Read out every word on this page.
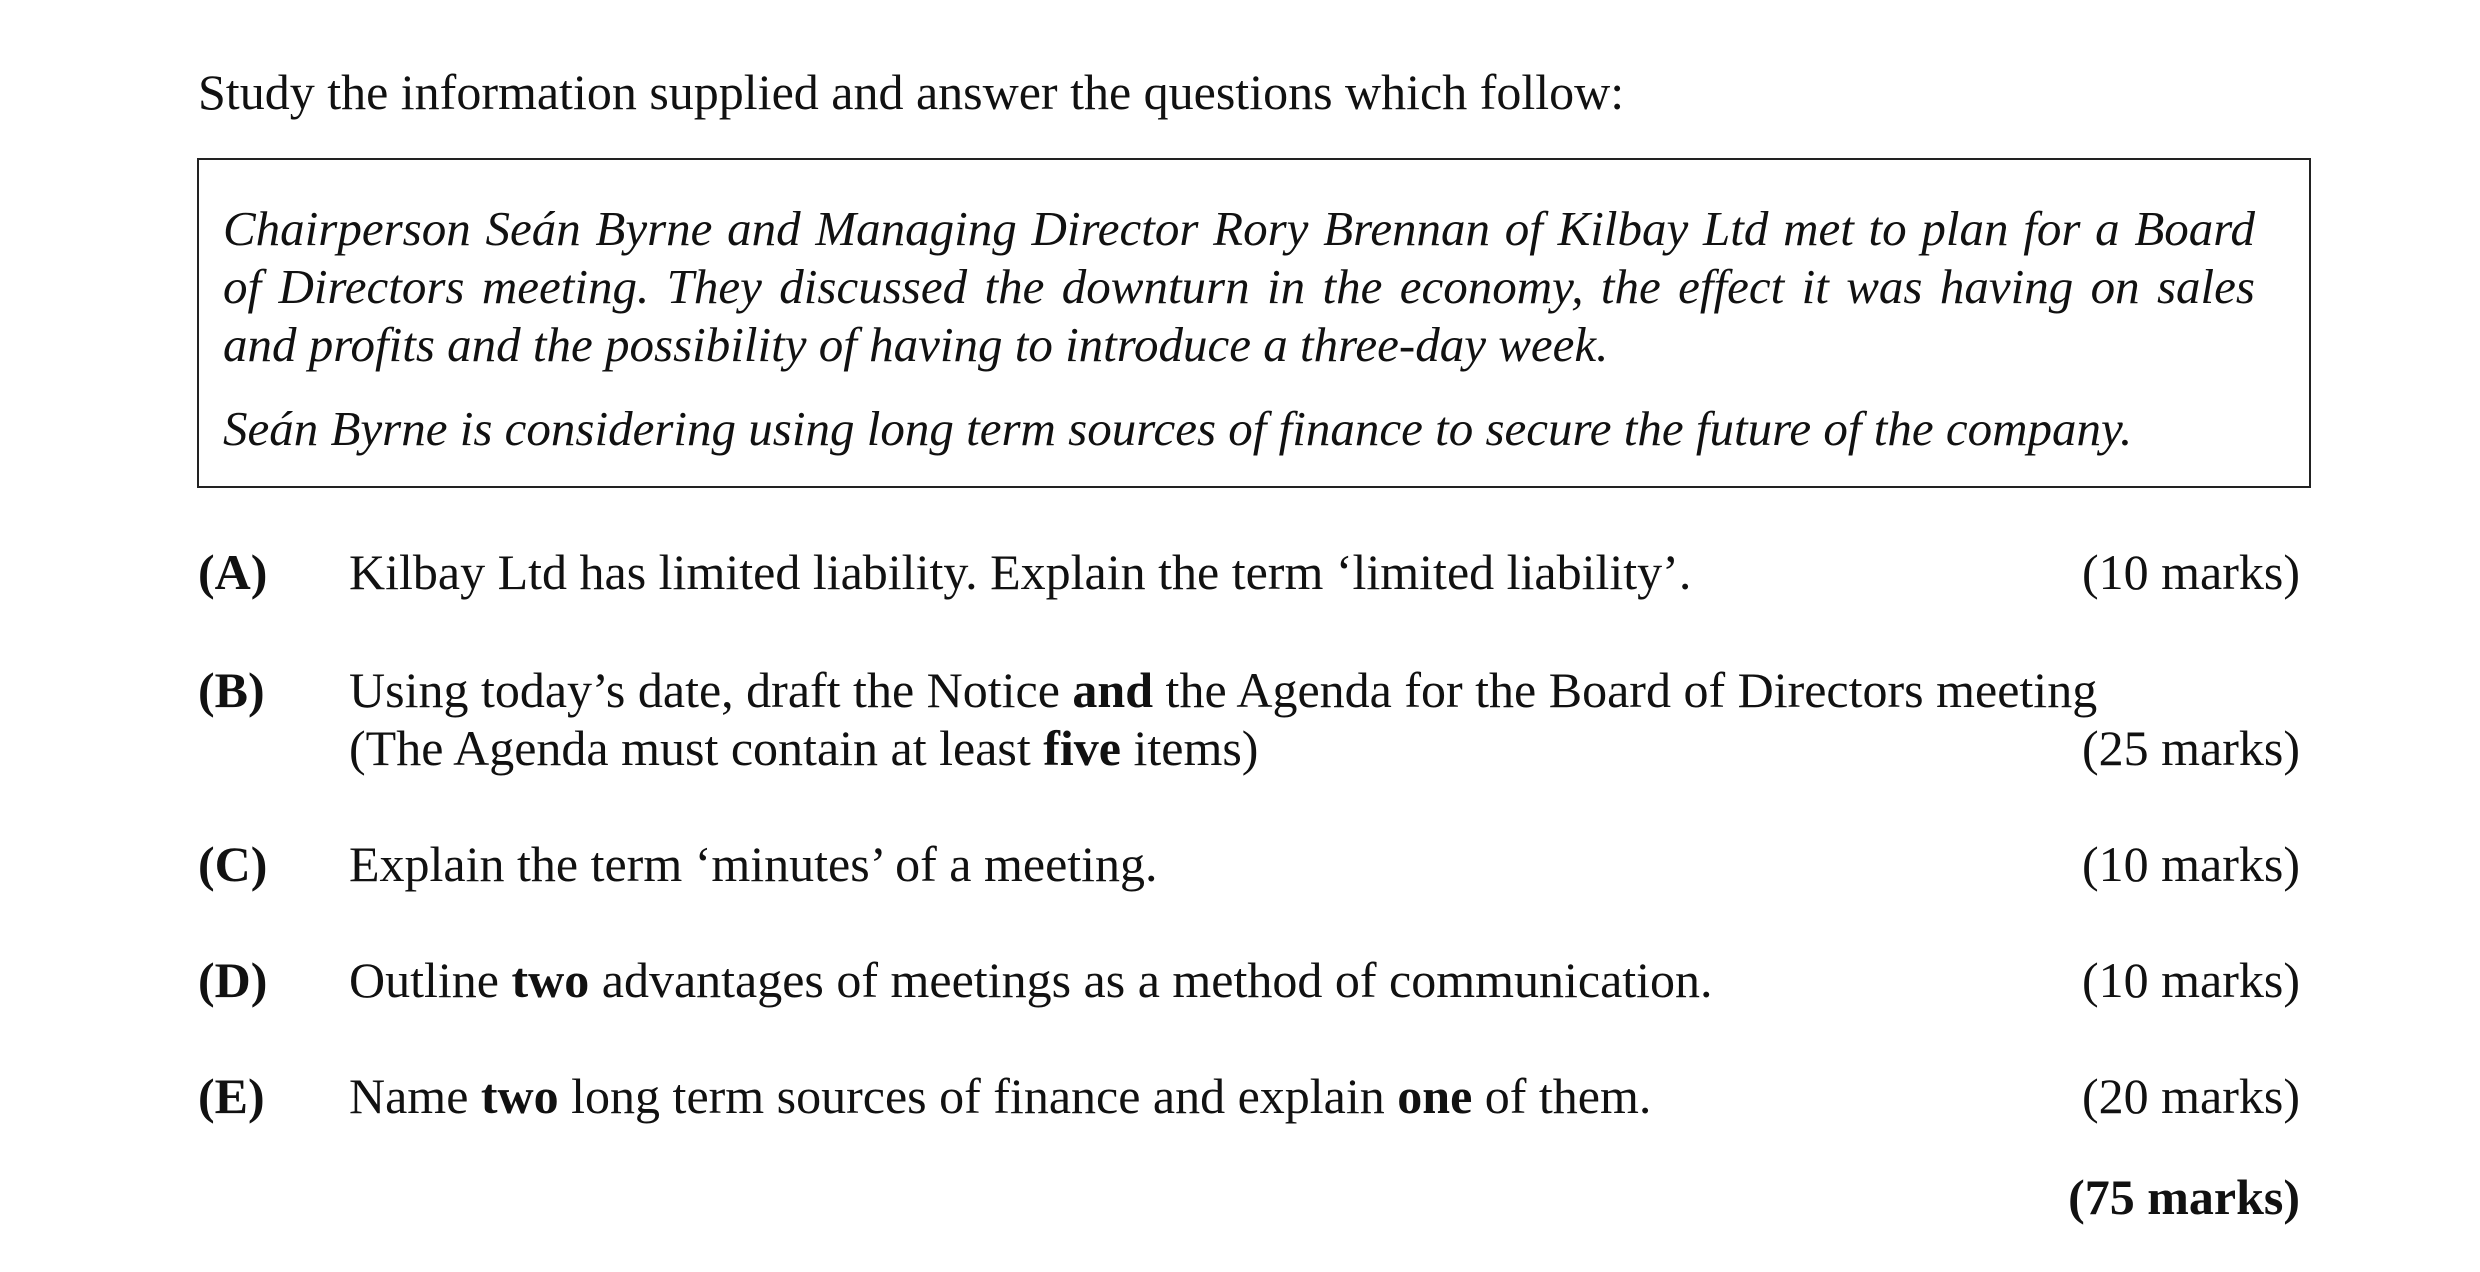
Study the information supplied and answer the questions which follow:

Chairperson Seán Byrne and Managing Director Rory Brennan of Kilbay Ltd met to plan for a Board of Directors meeting. They discussed the downturn in the economy, the effect it was having on sales and profits and the possibility of having to introduce a three-day week.

Seán Byrne is considering using long term sources of finance to secure the future of the company.

(A) Kilbay Ltd has limited liability. Explain the term ‘limited liability’.	(10 marks)
(B) Using today’s date, draft the Notice and the Agenda for the Board of Directors meeting
(The Agenda must contain at least five items)	(25 marks)
(C) Explain the term ‘minutes’ of a meeting.	(10 marks)
(D) Outline two advantages of meetings as a method of communication.	(10 marks)
(E) Name two long term sources of finance and explain one of them.	(20 marks)
(75 marks)
